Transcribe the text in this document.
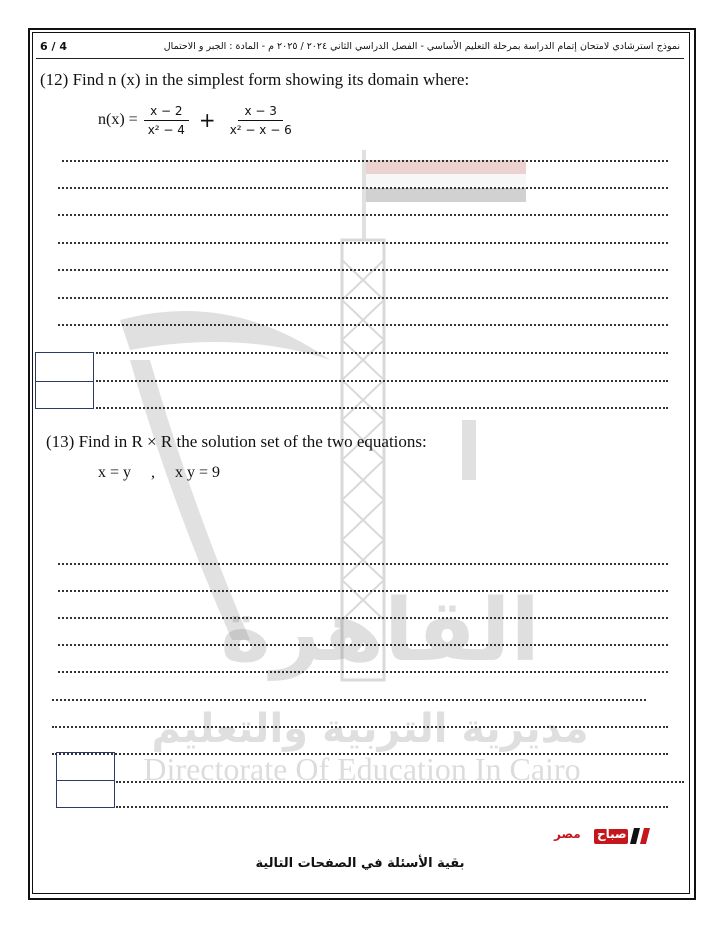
القاهرة
مديرية التربية والتعليم
Directorate Of Education In Cairo
6 / 4	نموذج استرشادي لامتحان إتمام الدراسة بمرحلة التعليم الأساسي - الفصل الدراسي الثاني ٢٠٢٤ / ٢٠٢٥ م - المادة : الجبر و الاحتمال
(12) Find n (x) in the simplest form showing its domain where:
$n(x) = \frac{x - 2}{\text{x² − 4}} + \frac{x - 3}{\text{x² − x − 6}}$
(13) Find in R × R the solution set of the two equations:
x = y     ,     x y = 9
صباح
مصر
بقية الأسئلة في الصفحات التالية
